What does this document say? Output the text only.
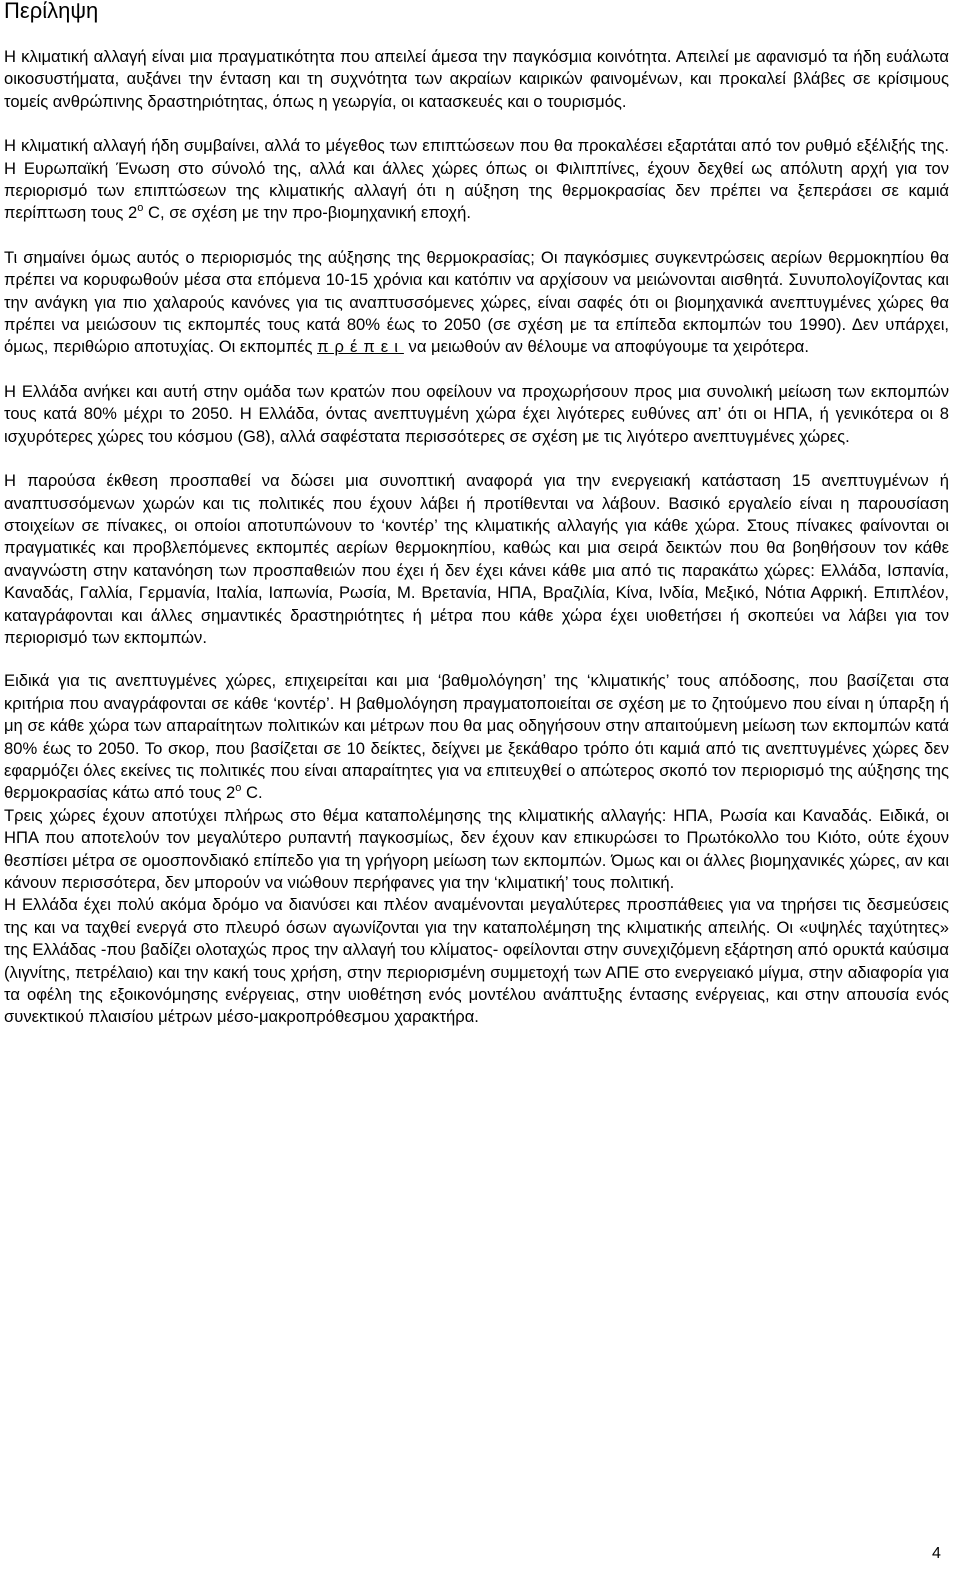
Περίληψη

Η κλιματική αλλαγή είναι μια πραγματικότητα που απειλεί άμεσα την παγκόσμια κοινότητα. Απειλεί με αφανισμό τα ήδη ευάλωτα οικοσυστήματα, αυξάνει την ένταση και τη συχνότητα των ακραίων καιρικών φαινομένων, και προκαλεί βλάβες σε κρίσιμους τομείς ανθρώπινης δραστηριότητας, όπως η γεωργία, οι κατασκευές και ο τουρισμός.

Η κλιματική αλλαγή ήδη συμβαίνει, αλλά το μέγεθος των επιπτώσεων που θα προκαλέσει εξαρτάται από τον ρυθμό εξέλιξής της. Η Ευρωπαϊκή Ένωση στο σύνολό της, αλλά και άλλες χώρες όπως οι Φιλιππίνες, έχουν δεχθεί ως απόλυτη αρχή για τον περιορισμό των επιπτώσεων της κλιματικής αλλαγή ότι η αύξηση της θερμοκρασίας δεν πρέπει να ξεπεράσει σε καμιά περίπτωση τους $2^o$ C, σε σχέση με την προ-βιομηχανική εποχή.

Τι σημαίνει όμως αυτός ο περιορισμός της αύξησης της θερμοκρασίας; Οι παγκόσμιες συγκεντρώσεις αερίων θερμοκηπίου θα πρέπει να κορυφωθούν μέσα στα επόμενα 10-15 χρόνια και κατόπιν να αρχίσουν να μειώνονται αισθητά. Συνυπολογίζοντας και την ανάγκη για πιο χαλαρούς κανόνες για τις αναπτυσσόμενες χώρες, είναι σαφές ότι οι βιομηχανικά ανεπτυγμένες χώρες θα πρέπει να μειώσουν τις εκπομπές τους κατά 80% έως το 2050 (σε σχέση με τα επίπεδα εκπομπών του 1990). Δεν υπάρχει, όμως, περιθώριο αποτυχίας. Οι εκπομπές πρέπει να μειωθούν αν θέλουμε να αποφύγουμε τα χειρότερα.

Η Ελλάδα ανήκει και αυτή στην ομάδα των κρατών που οφείλουν να προχωρήσουν προς μια συνολική μείωση των εκπομπών τους κατά 80% μέχρι το 2050. Η Ελλάδα, όντας ανεπτυγμένη χώρα έχει λιγότερες ευθύνες απ’ ότι οι ΗΠΑ, ή γενικότερα οι 8 ισχυρότερες χώρες του κόσμου (G8), αλλά σαφέστατα περισσότερες σε σχέση με τις λιγότερο ανεπτυγμένες χώρες.

Η παρούσα έκθεση προσπαθεί να δώσει μια συνοπτική αναφορά για την ενεργειακή κατάσταση 15 ανεπτυγμένων ή αναπτυσσόμενων χωρών και τις πολιτικές που έχουν λάβει ή προτίθενται να λάβουν. Βασικό εργαλείο είναι η παρουσίαση στοιχείων σε πίνακες, οι οποίοι αποτυπώνουν το ‘κοντέρ’ της κλιματικής αλλαγής για κάθε χώρα. Στους πίνακες φαίνονται οι πραγματικές και προβλεπόμενες εκπομπές αερίων θερμοκηπίου, καθώς και μια σειρά δεικτών που θα βοηθήσουν τον κάθε αναγνώστη στην κατανόηση των προσπαθειών που έχει ή δεν έχει κάνει κάθε μια από τις παρακάτω χώρες: Ελλάδα, Ισπανία, Καναδάς, Γαλλία, Γερμανία, Ιταλία, Ιαπωνία, Ρωσία, Μ. Βρετανία, ΗΠΑ, Βραζιλία, Κίνα, Ινδία, Μεξικό, Νότια Αφρική. Επιπλέον, καταγράφονται και άλλες σημαντικές δραστηριότητες ή μέτρα που κάθε χώρα έχει υιοθετήσει ή σκοπεύει να λάβει για τον περιορισμό των εκπομπών.

Ειδικά για τις ανεπτυγμένες χώρες, επιχειρείται και μια ‘βαθμολόγηση’ της ‘κλιματικής’ τους απόδοσης, που βασίζεται στα κριτήρια που αναγράφονται σε κάθε ‘κοντέρ’. Η βαθμολόγηση πραγματοποιείται σε σχέση με το ζητούμενο που είναι η ύπαρξη ή μη σε κάθε χώρα των απαραίτητων πολιτικών και μέτρων που θα μας οδηγήσουν στην απαιτούμενη μείωση των εκπομπών κατά 80% έως το 2050. Το σκορ, που βασίζεται σε 10 δείκτες, δείχνει με ξεκάθαρο τρόπο ότι καμιά από τις ανεπτυγμένες χώρες δεν εφαρμόζει όλες εκείνες τις πολιτικές που είναι απαραίτητες για να επιτευχθεί ο απώτερος σκοπό τον περιορισμό της αύξησης της θερμοκρασίας κάτω από τους $2^o$ C.

Τρεις χώρες έχουν αποτύχει πλήρως στο θέμα καταπολέμησης της κλιματικής αλλαγής: ΗΠΑ, Ρωσία και Καναδάς. Ειδικά, οι ΗΠΑ που αποτελούν τον μεγαλύτερο ρυπαντή παγκοσμίως, δεν έχουν καν επικυρώσει το Πρωτόκολλο του Κιότο, ούτε έχουν θεσπίσει μέτρα σε ομοσπονδιακό επίπεδο για τη γρήγορη μείωση των εκπομπών. Όμως και οι άλλες βιομηχανικές χώρες, αν και κάνουν περισσότερα, δεν μπορούν να νιώθουν περήφανες για την ‘κλιματική’ τους πολιτική.

Η Ελλάδα έχει πολύ ακόμα δρόμο να διανύσει και πλέον αναμένονται μεγαλύτερες προσπάθειες για να τηρήσει τις δεσμεύσεις της και να ταχθεί ενεργά στο πλευρό όσων αγωνίζονται για την καταπολέμηση της κλιματικής απειλής. Οι «υψηλές ταχύτητες» της Ελλάδας -που βαδίζει ολοταχώς προς την αλλαγή του κλίματος- οφείλονται στην συνεχιζόμενη εξάρτηση από ορυκτά καύσιμα (λιγνίτης, πετρέλαιο) και την κακή τους χρήση, στην περιορισμένη συμμετοχή των ΑΠΕ στο ενεργειακό μίγμα, στην αδιαφορία για τα οφέλη της εξοικονόμησης ενέργειας, στην υιοθέτηση ενός μοντέλου ανάπτυξης έντασης ενέργειας, και στην απουσία ενός συνεκτικού πλαισίου μέτρων μέσο-μακροπρόθεσμου χαρακτήρα.

4
